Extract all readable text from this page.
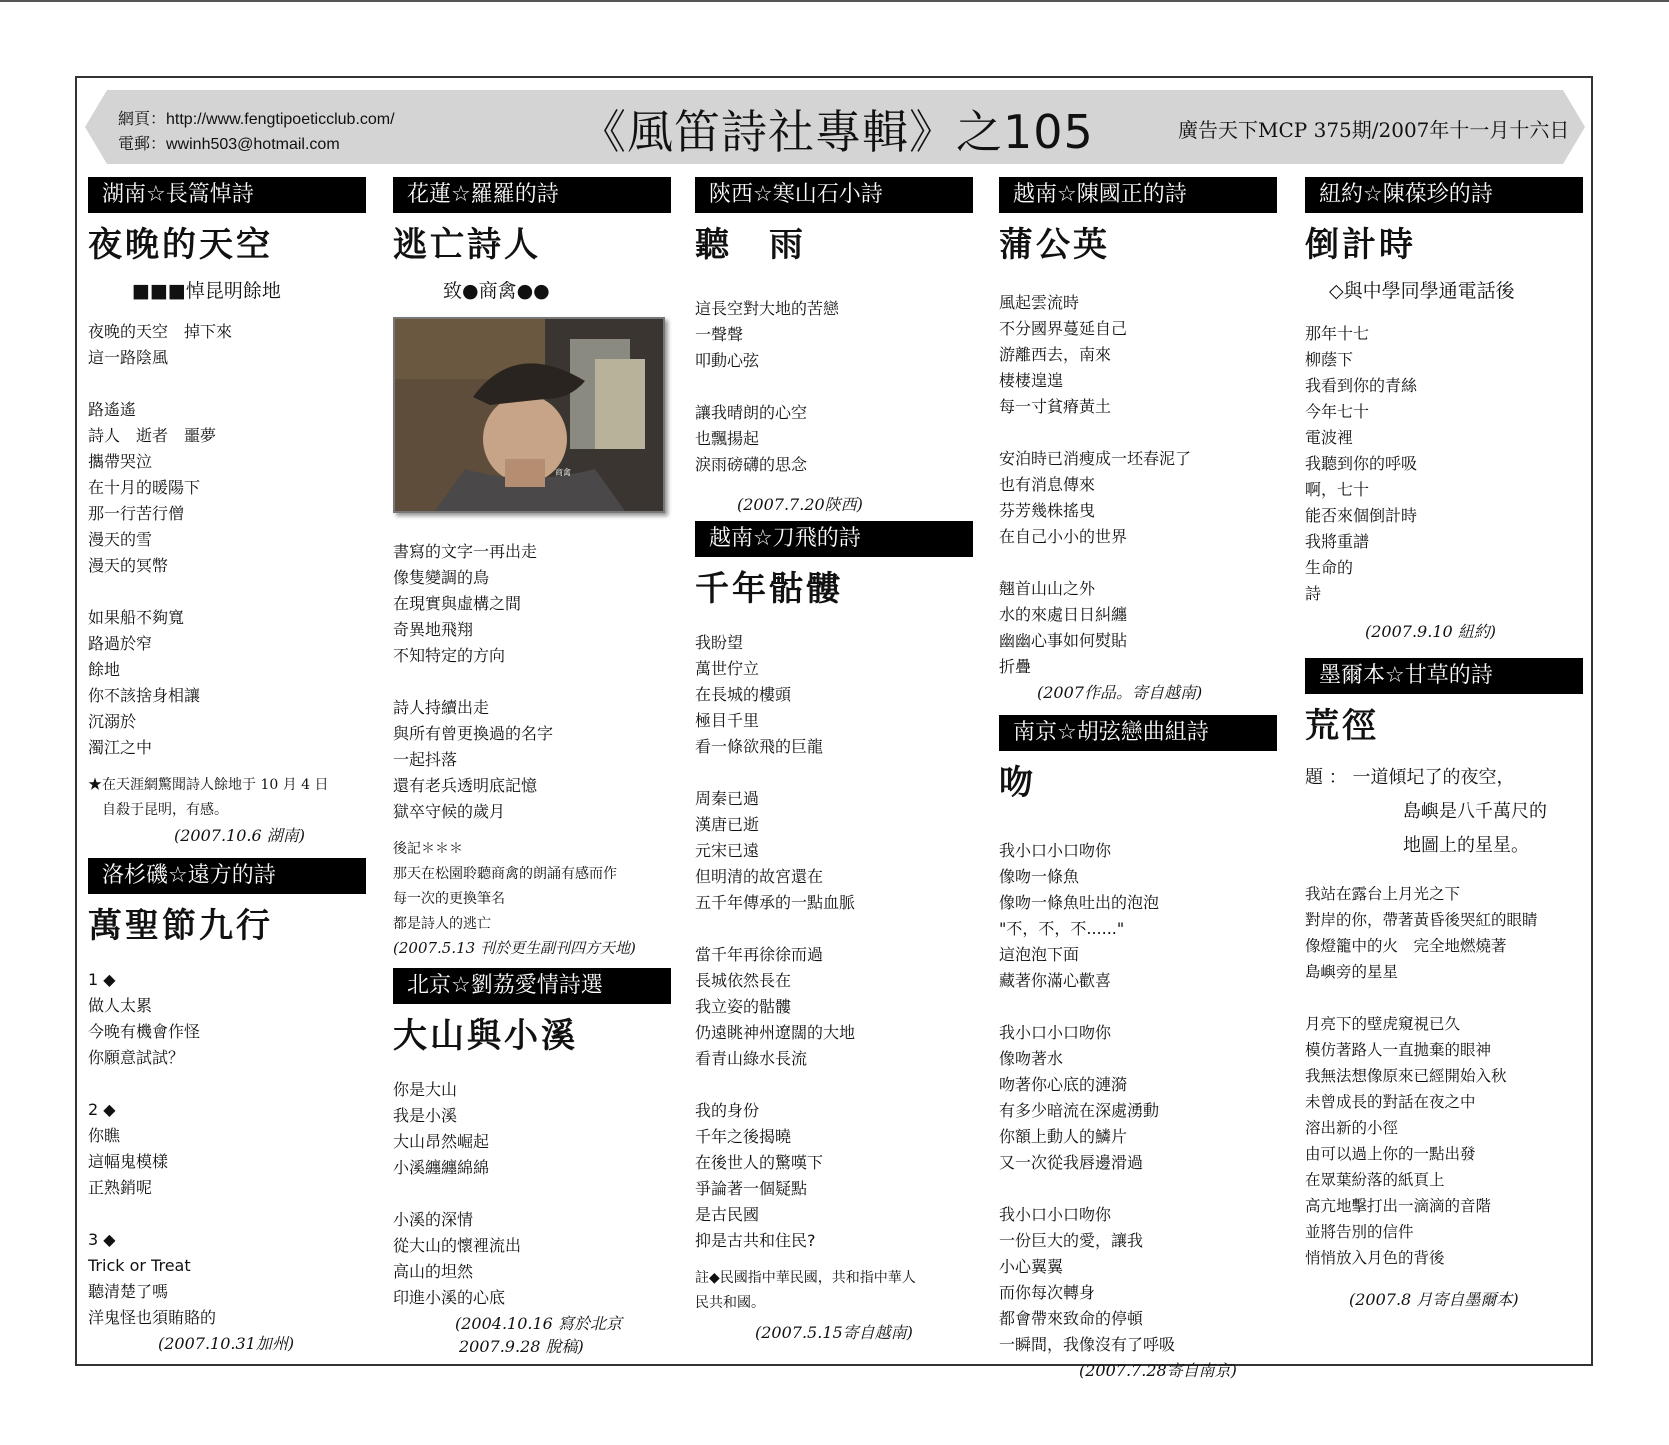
網頁：http://www.fengtipoeticclub.com/
電郵：wwinh503@hotmail.com	《風笛詩社專輯》之105	廣告天下MCP 375期/2007年十一月十六日
湖南☆長篙悼詩
夜晚的天空
■■■悼昆明餘地
夜晚的天空　掉下來
這一路陰風

路遙遙
詩人　逝者　噩夢
攜帶哭泣
在十月的暖陽下
那一行苦行僧
漫天的雪
漫天的冥幣

如果船不夠寬
路過於窄
餘地
你不該捨身相讓
沉溺於
濁江之中
★在天涯網驚聞詩人餘地于 10 月 4 日
　自殺于昆明，有感。
(2007.10.6 湖南)
洛杉磯☆遠方的詩
萬聖節九行
1 ◆
做人太累
今晚有機會作怪
你願意試試？

2 ◆
你瞧
這幅鬼模樣
正熟銷呢

3 ◆
Trick or Treat
聽清楚了嗎
洋鬼怪也須賄賂的
(2007.10.31加州)
花蓮☆羅羅的詩
逃亡詩人
致●商禽●●
商禽
書寫的文字一再出走
像隻變調的鳥
在現實與虛構之間
奇異地飛翔
不知特定的方向

詩人持續出走
與所有曾更換過的名字
一起抖落
還有老兵透明底記憶
獄卒守候的歲月
後記＊＊＊
那天在松園聆聽商禽的朗誦有感而作
每一次的更換筆名
都是詩人的逃亡
(2007.5.13 刊於更生副刊四方天地)
北京☆劉荔愛情詩選
大山與小溪
你是大山
我是小溪
大山昂然崛起
小溪纏纏綿綿

小溪的深情
從大山的懷裡流出
高山的坦然
印進小溪的心底
(2004.10.16 寫於北京
2007.9.28 脫稿)
陝西☆寒山石小詩
聽　雨
這長空對大地的苦戀
一聲聲
叩動心弦

讓我晴朗的心空
也飄揚起
淚雨磅礴的思念
(2007.7.20陝西)
越南☆刀飛的詩
千年骷髏
我盼望
萬世佇立
在長城的樓頭
極目千里
看一條欲飛的巨龍

周秦已過
漢唐已逝
元宋已遠
但明清的故宮還在
五千年傳承的一點血脈

當千年再徐徐而過
長城依然長在
我立姿的骷髏
仍遠眺神州遼闊的大地
看青山綠水長流

我的身份
千年之後揭曉
在後世人的驚嘆下
爭論著一個疑點
是古民國
抑是古共和住民?
註◆民國指中華民國，共和指中華人
民共和國。
(2007.5.15寄自越南)
越南☆陳國正的詩
蒲公英
風起雲流時
不分國界蔓延自己
游離西去，南來
棲棲遑遑
每一寸貧瘠黃土

安泊時已消瘦成一坯春泥了
也有消息傳來
芬芳幾株搖曳
在自己小小的世界

翹首山山之外
水的來處日日糾纏
幽幽心事如何熨貼
折疊
(2007作品。寄自越南)
南京☆胡弦戀曲組詩
吻
我小口小口吻你
像吻一條魚
像吻一條魚吐出的泡泡
"不，不，不......"
這泡泡下面
藏著你滿心歡喜

我小口小口吻你
像吻著水
吻著你心底的漣漪
有多少暗流在深處湧動
你額上動人的鱗片
又一次從我唇邊滑過

我小口小口吻你
一份巨大的愛，讓我
小心翼翼
而你每次轉身
都會帶來致命的停頓
一瞬間，我像沒有了呼吸
(2007.7.28寄自南京)
紐約☆陳葆珍的詩
倒計時
◇與中學同學通電話後
那年十七
柳蔭下
我看到你的青絲
今年七十
電波裡
我聽到你的呼吸
啊，七十
能否來個倒計時
我將重譜
生命的
詩
(2007.9.10 紐約)
墨爾本☆甘草的詩
荒徑
題 ： 一道傾圮了的夜空，
島嶼是八千萬尺的
地圖上的星星。
我站在露台上月光之下
對岸的你，帶著黃昏後哭紅的眼睛
像燈籠中的火　完全地燃燒著
島嶼旁的星星

月亮下的壁虎窺視已久
模仿著路人一直拋棄的眼神
我無法想像原來已經開始入秋
未曾成長的對話在夜之中
溶出新的小徑
由可以過上你的一點出發
在眾葉紛落的紙頁上
高亢地擊打出一滴滴的音階
並將告別的信件
悄悄放入月色的背後
(2007.8 月寄自墨爾本)
